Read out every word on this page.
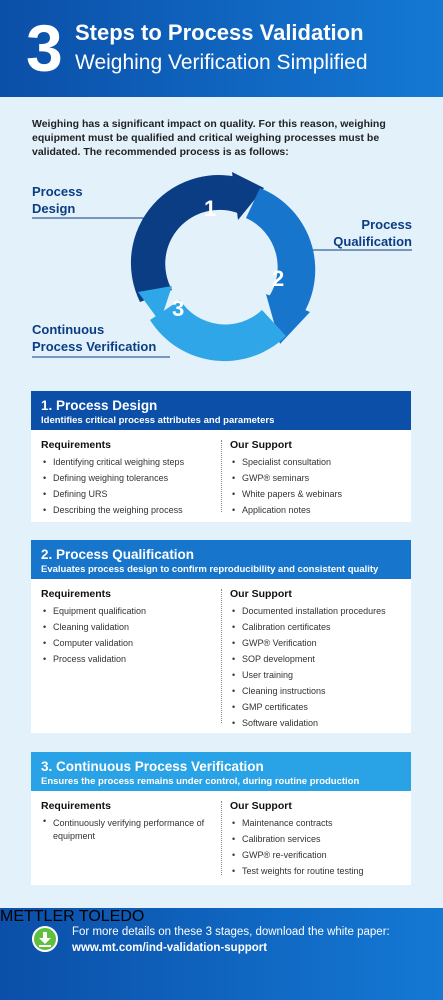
3 Steps to Process Validation
Weighing Verification Simplified
Weighing has a significant impact on quality. For this reason, weighing equipment must be qualified and critical weighing processes must be validated. The recommended process is as follows:
Process
Design
Process
Qualification
Continuous
Process Verification
1
2
3
1. Process Design
Identifies critical process attributes and parameters
Requirements
• Identifying critical weighing steps
• Defining weighing tolerances
• Defining URS
• Describing the weighing process
Our Support
• Specialist consultation
• GWP® seminars
• White papers & webinars
• Application notes
2. Process Qualification
Evaluates process design to confirm reproducibility and consistent quality
Requirements
• Equipment qualification
• Cleaning validation
• Computer validation
• Process validation
Our Support
• Documented installation procedures
• Calibration certificates
• GWP® Verification
• SOP development
• User training
• Cleaning instructions
• GMP certificates
• Software validation
3. Continuous Process Verification
Ensures the process remains under control, during routine production
Requirements
• Continuously verifying performance of equipment
Our Support
• Maintenance contracts
• Calibration services
• GWP® re-verification
• Test weights for routine testing
For more details on these 3 stages, download the white paper:
www.mt.com/ind-validation-support
METTLER TOLEDO
